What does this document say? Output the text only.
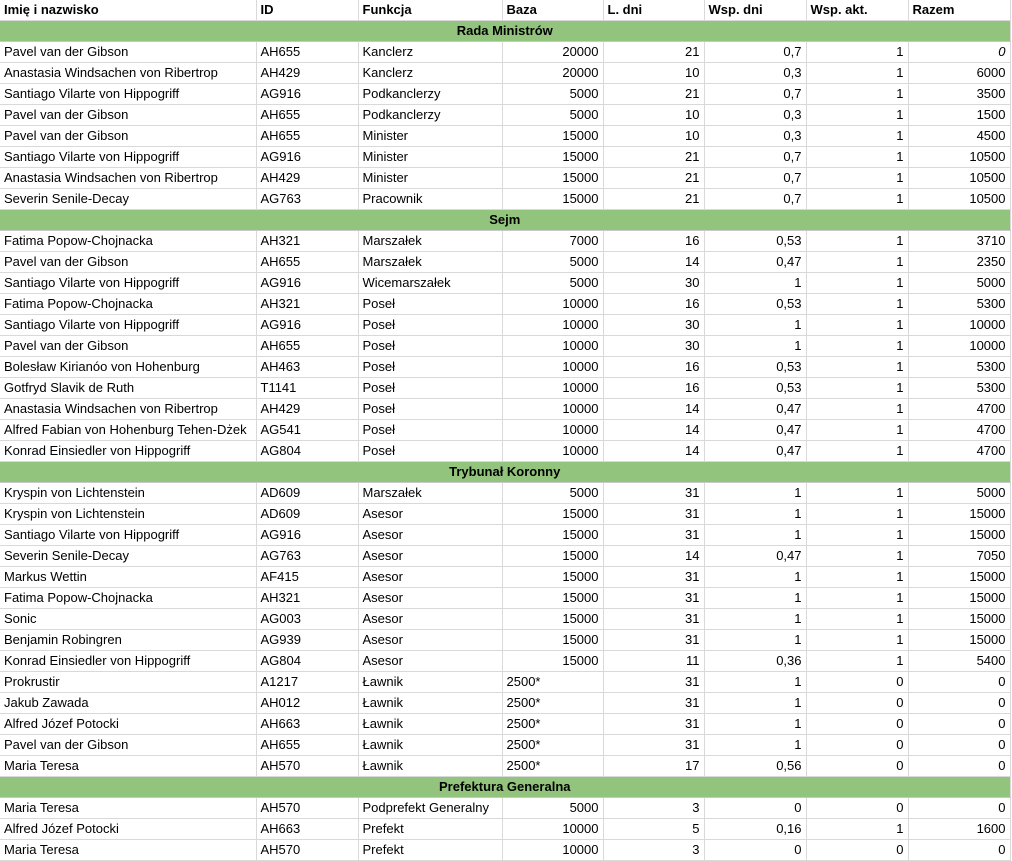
Imię i nazwisko	ID	Funkcja	Baza	L. dni	Wsp. dni	Wsp. akt.	Razem
Rada Ministrów							
Pavel van der Gibson	AH655	Kanclerz	20000	21	0,7	1	0
Anastasia Windsachen von Ribertrop	AH429	Kanclerz	20000	10	0,3	1	6000
Santiago Vilarte von Hippogriff	AG916	Podkanclerzy	5000	21	0,7	1	3500
Pavel van der Gibson	AH655	Podkanclerzy	5000	10	0,3	1	1500
Pavel van der Gibson	AH655	Minister	15000	10	0,3	1	4500
Santiago Vilarte von Hippogriff	AG916	Minister	15000	21	0,7	1	10500
Anastasia Windsachen von Ribertrop	AH429	Minister	15000	21	0,7	1	10500
Severin Senile-Decay	AG763	Pracownik	15000	21	0,7	1	10500
Sejm							
Fatima Popow-Chojnacka	AH321	Marszałek	7000	16	0,53	1	3710
Pavel van der Gibson	AH655	Marszałek	5000	14	0,47	1	2350
Santiago Vilarte von Hippogriff	AG916	Wicemarszałek	5000	30	1	1	5000
Fatima Popow-Chojnacka	AH321	Poseł	10000	16	0,53	1	5300
Santiago Vilarte von Hippogriff	AG916	Poseł	10000	30	1	1	10000
Pavel van der Gibson	AH655	Poseł	10000	30	1	1	10000
Bolesław Kirianóo von Hohenburg	AH463	Poseł	10000	16	0,53	1	5300
Gotfryd Slavik de Ruth	T1141	Poseł	10000	16	0,53	1	5300
Anastasia Windsachen von Ribertrop	AH429	Poseł	10000	14	0,47	1	4700
Alfred Fabian von Hohenburg Tehen-Dżek	AG541	Poseł	10000	14	0,47	1	4700
Konrad Einsiedler von Hippogriff	AG804	Poseł	10000	14	0,47	1	4700
Trybunał Koronny							
Kryspin von Lichtenstein	AD609	Marszałek	5000	31	1	1	5000
Kryspin von Lichtenstein	AD609	Asesor	15000	31	1	1	15000
Santiago Vilarte von Hippogriff	AG916	Asesor	15000	31	1	1	15000
Severin Senile-Decay	AG763	Asesor	15000	14	0,47	1	7050
Markus Wettin	AF415	Asesor	15000	31	1	1	15000
Fatima Popow-Chojnacka	AH321	Asesor	15000	31	1	1	15000
Sonic	AG003	Asesor	15000	31	1	1	15000
Benjamin Robingren	AG939	Asesor	15000	31	1	1	15000
Konrad Einsiedler von Hippogriff	AG804	Asesor	15000	11	0,36	1	5400
Prokrustir	A1217	Ławnik	2500*	31	1	0	0
Jakub Zawada	AH012	Ławnik	2500*	31	1	0	0
Alfred Józef Potocki	AH663	Ławnik	2500*	31	1	0	0
Pavel van der Gibson	AH655	Ławnik	2500*	31	1	0	0
Maria Teresa	AH570	Ławnik	2500*	17	0,56	0	0
Prefektura Generalna							
Maria Teresa	AH570	Podprefekt Generalny	5000	3	0	0	0
Alfred Józef Potocki	AH663	Prefekt	10000	5	0,16	1	1600
Maria Teresa	AH570	Prefekt	10000	3	0	0	0
